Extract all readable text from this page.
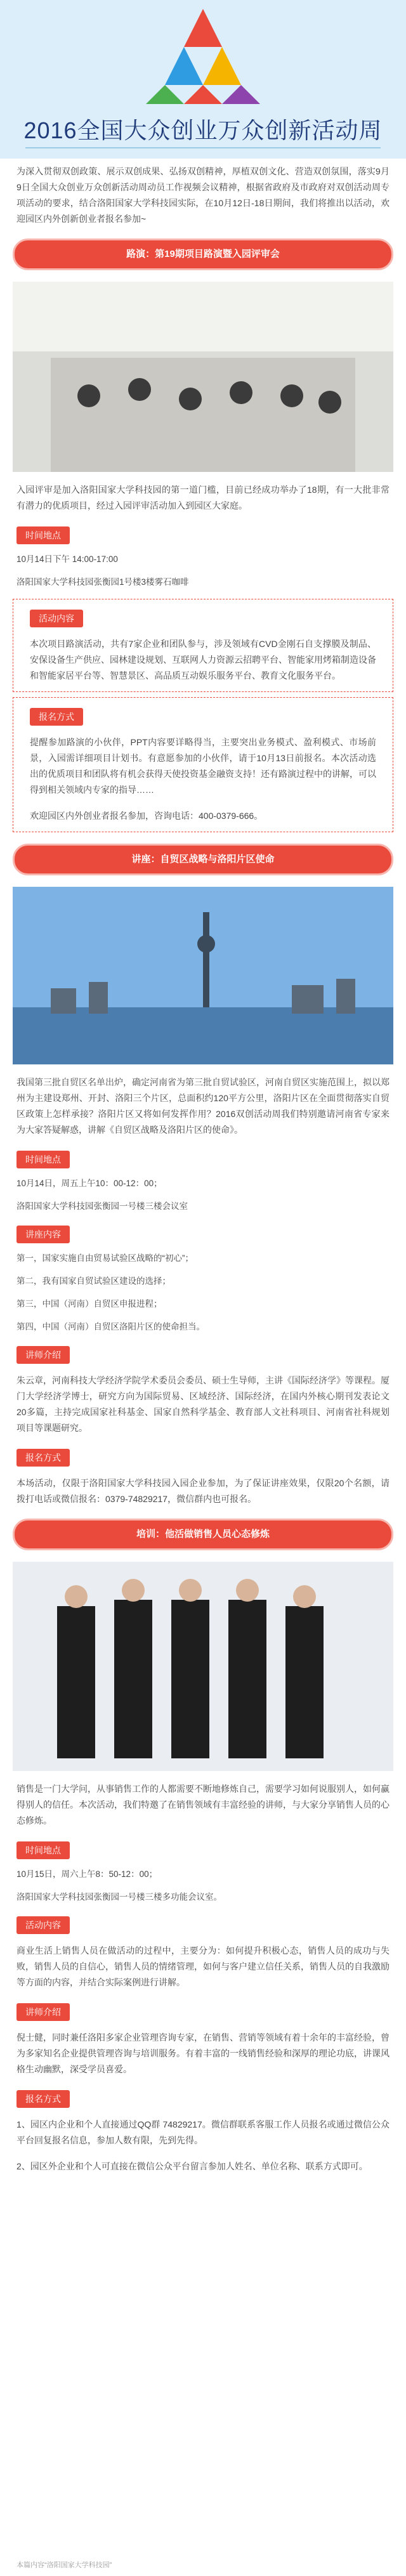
2016全国大众创业万众创新活动周

为深入贯彻双创政策、展示双创成果、弘扬双创精神，厚植双创文化、营造双创氛围，落实9月9日全国大众创业万众创新活动周动员工作视频会议精神，根据省政府及市政府对双创活动周专项活动的要求，结合洛阳国家大学科技园实际，在10月12日-18日期间，我们将推出以活动，欢迎园区内外创新创业者报名参加~

路演：第19期项目路演暨入园评审会

入园评审是加入洛阳国家大学科技园的第一道门槛，目前已经成功举办了18期，有一大批非常有潜力的优质项目，经过入园评审活动加入到园区大家庭。

时间地点

10月14日下午 14:00-17:00

洛阳国家大学科技园张衡园1号楼3楼雾石咖啡

活动内容

本次项目路演活动，共有7家企业和团队参与，涉及领域有CVD金刚石自支撑膜及制品、安保设备生产供应、园林建设规划、互联网人力资源云招聘平台、智能家用烤箱制造设备和智能家居平台等、智慧景区、高品质互动娱乐服务平台、教育文化服务平台。

报名方式

提醒参加路演的小伙伴，PPT内容要详略得当，主要突出业务模式、盈利模式、市场前景，入园需详细项目计划书。有意愿参加的小伙伴，请于10月13日前报名。本次活动选出的优质项目和团队将有机会获得天使投资基金融资支持！还有路演过程中的讲解，可以得到相关领域内专家的指导……

欢迎园区内外创业者报名参加，咨询电话：400-0379-666。

讲座：自贸区战略与洛阳片区使命

我国第三批自贸区名单出炉，确定河南省为第三批自贸试验区，河南自贸区实施范围上，拟以郑州为主建设郑州、开封、洛阳三个片区，总面积约120平方公里，洛阳片区在全面贯彻落实自贸区政策上怎样承接？洛阳片区又将如何发挥作用？2016双创活动周我们特别邀请河南省专家来为大家答疑解惑，讲解《自贸区战略及洛阳片区的使命》。

时间地点

10月14日，周五上午10：00-12：00；

洛阳国家大学科技园张衡园一号楼三楼会议室

讲座内容

第一，国家实施自由贸易试验区战略的“初心”；

第二，我有国家自贸试验区建设的选择；

第三，中国（河南）自贸区申报进程；

第四，中国（河南）自贸区洛阳片区的使命担当。

讲师介绍

朱云章，河南科技大学经济学院学术委员会委员、硕士生导师，主讲《国际经济学》等课程。厦门大学经济学博士，研究方向为国际贸易、区域经济、国际经济，在国内外核心期刊发表论文20多篇，主持完成国家社科基金、国家自然科学基金、教育部人文社科项目、河南省社科规划项目等课题研究。

报名方式

本场活动，仅限于洛阳国家大学科技园入园企业参加，为了保证讲座效果，仅限20个名额，请拨打电话或微信报名：0379-74829217，微信群内也可报名。

培训：他活做销售人员心态修炼

销售是一门大学问，从事销售工作的人都需要不断地修炼自己，需要学习如何说服别人，如何赢得别人的信任。本次活动，我们特邀了在销售领域有丰富经验的讲师，与大家分享销售人员的心态修炼。

时间地点

10月15日，周六上午8：50-12：00；

洛阳国家大学科技园张衡园一号楼三楼多功能会议室。

活动内容

商业生活上销售人员在做活动的过程中，主要分为：如何提升积极心态，销售人员的成功与失败，销售人员的自信心，销售人员的情绪管理，如何与客户建立信任关系，销售人员的自我激励等方面的内容，并结合实际案例进行讲解。

讲师介绍

倪士健，同时兼任洛阳多家企业管理咨询专家，在销售、营销等领域有着十余年的丰富经验，曾为多家知名企业提供管理咨询与培训服务。有着丰富的一线销售经验和深厚的理论功底，讲课风格生动幽默，深受学员喜爱。

报名方式

1、园区内企业和个人直接通过QQ群 74829217。微信群联系客服工作人员报名或通过微信公众平台回复报名信息，参加人数有限，先到先得。

2、园区外企业和个人可直接在微信公众平台留言参加人姓名、单位名称、联系方式即可。

本篇内容“洛阳国家大学科技园”
